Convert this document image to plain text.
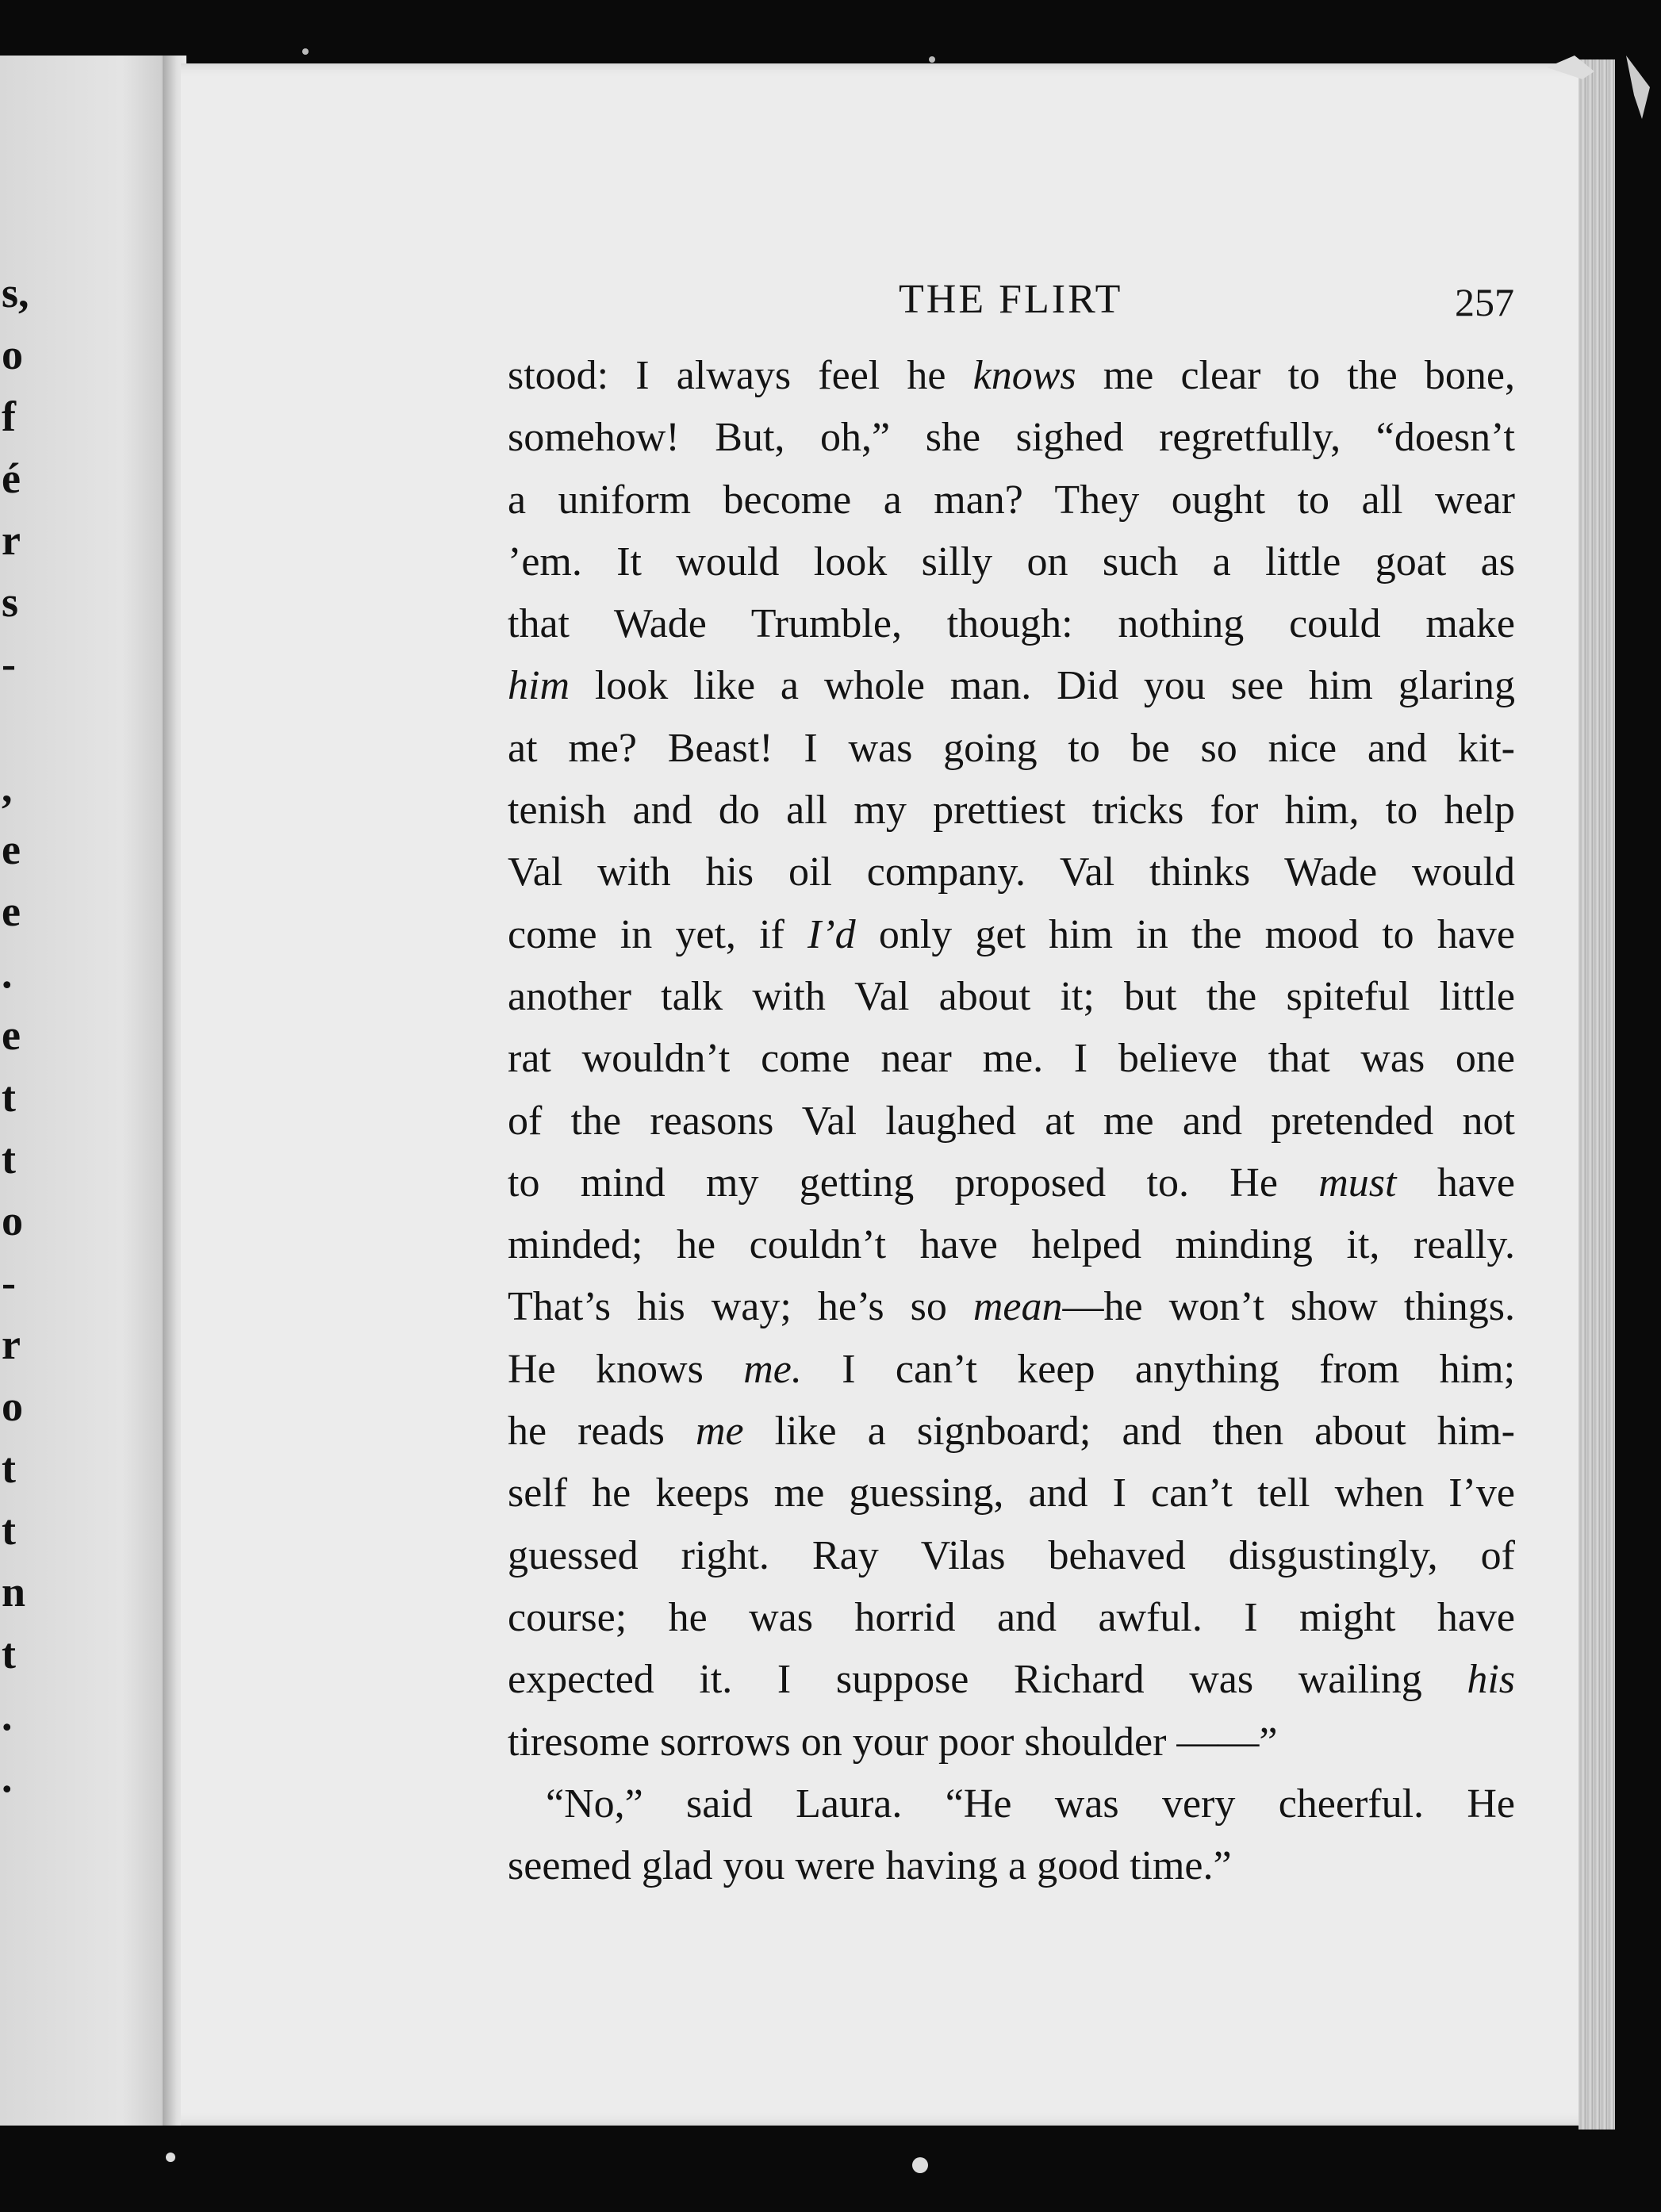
s,
o
f
é
r
s
-
,
e
e
.
e
t
t
o
-
r
o
t
t
n
t
.
.
THE FLIRT	257
stood: I always feel he knows me clear to the bone,
somehow! But, oh,” she sighed regretfully, “doesn’t
a uniform become a man? They ought to all wear
’em. It would look silly on such a little goat as
that Wade Trumble, though: nothing could make
him look like a whole man. Did you see him glaring
at me? Beast! I was going to be so nice and kit-
tenish and do all my prettiest tricks for him, to help
Val with his oil company. Val thinks Wade would
come in yet, if I’d only get him in the mood to have
another talk with Val about it; but the spiteful little
rat wouldn’t come near me. I believe that was one
of the reasons Val laughed at me and pretended not
to mind my getting proposed to. He must have
minded; he couldn’t have helped minding it, really.
That’s his way; he’s so mean—he won’t show things.
He knows me. I can’t keep anything from him;
he reads me like a signboard; and then about him-
self he keeps me guessing, and I can’t tell when I’ve
guessed right. Ray Vilas behaved disgustingly, of
course; he was horrid and awful. I might have
expected it. I suppose Richard was wailing his
tiresome sorrows on your poor shoulder ——”
“No,” said Laura. “He was very cheerful. He
seemed glad you were having a good time.”
